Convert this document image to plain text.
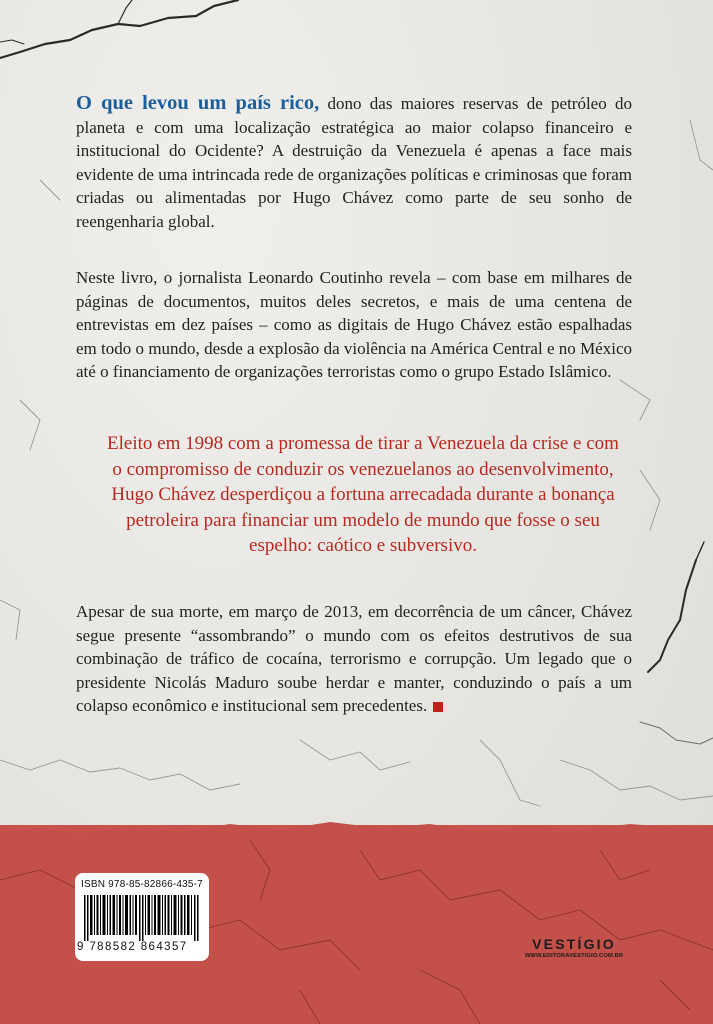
O que levou um país rico, dono das maiores reservas de petróleo do planeta e com uma localização estratégica ao maior colapso financeiro e institucional do Ocidente? A destruição da Venezuela é apenas a face mais evidente de uma intrincada rede de organizações políticas e criminosas que foram criadas ou alimentadas por Hugo Chávez como parte de seu sonho de reengenharia global.

Neste livro, o jornalista Leonardo Coutinho revela – com base em milhares de páginas de documentos, muitos deles secretos, e mais de uma centena de entrevistas em dez países – como as digitais de Hugo Chávez estão espalhadas em todo o mundo, desde a explosão da violência na América Central e no México até o financiamento de organizações terroristas como o grupo Estado Islâmico.

Eleito em 1998 com a promessa de tirar a Venezuela da crise e com o compromisso de conduzir os venezuelanos ao desenvolvimento, Hugo Chávez desperdiçou a fortuna arrecadada durante a bonança petroleira para financiar um modelo de mundo que fosse o seu espelho: caótico e subversivo.

Apesar de sua morte, em março de 2013, em decorrência de um câncer, Chávez segue presente “assombrando” o mundo com os efeitos destrutivos de sua combinação de tráfico de cocaína, terrorismo e corrupção. Um legado que o presidente Nicolás Maduro soube herdar e manter, conduzindo o país a um colapso econômico e institucional sem precedentes.

ISBN 978-85-82866-435-7
9 788582 864357	VESTÍGIO
WWW.EDITORAVESTIGIO.COM.BR
